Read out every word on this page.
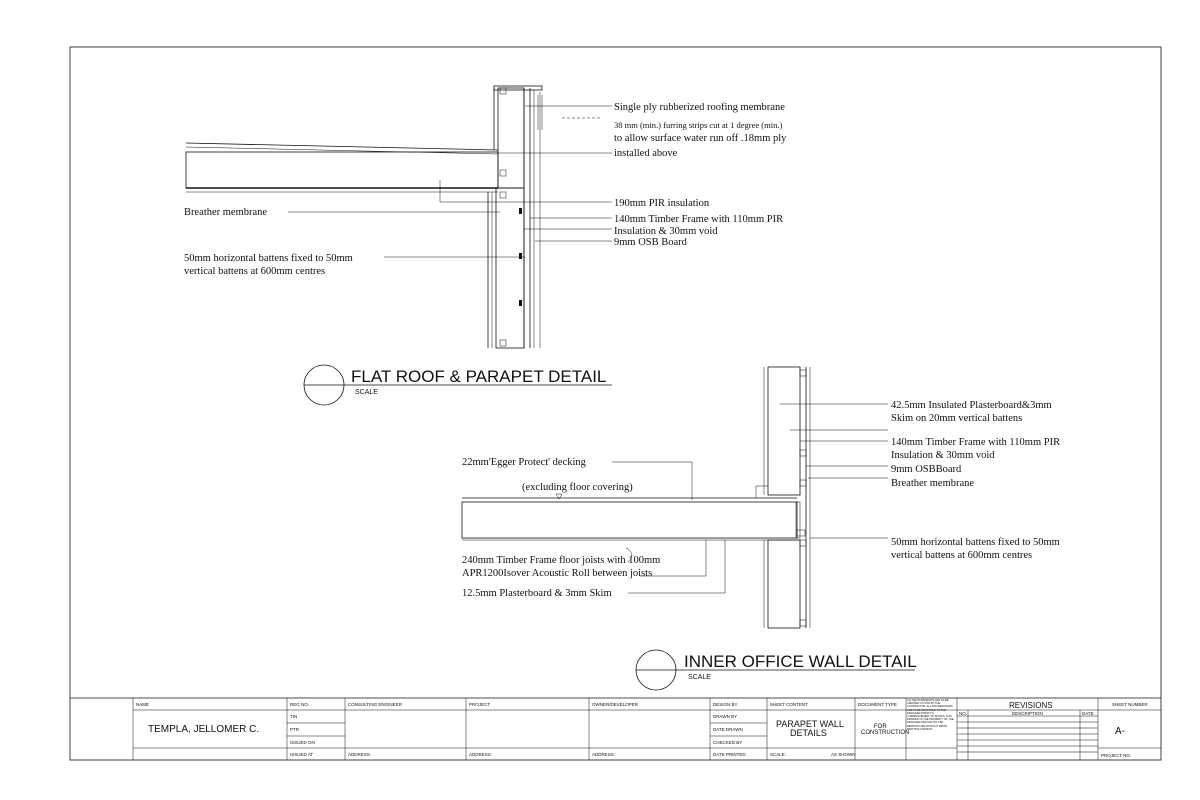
Single ply rubberized roofing membrane
38 mm (min.) furring strips cut at 1 degree (min.)
to allow surface water run off .18mm ply
installed above
190mm PIR insulation
Breather membrane
140mm Timber Frame with 110mm PIR
Insulation & 30mm void
9mm OSB Board
50mm horizontal battens fixed to 50mm
vertical battens at 600mm centres
FLAT ROOF & PARAPET DETAIL
SCALE
42.5mm Insulated Plasterboard&3mm
Skim on 20mm vertical battens
140mm Timber Frame with 110mm PIR
Insulation & 30mm void
9mm OSBBoard
Breather membrane
50mm horizontal battens fixed to 50mm
vertical battens at 600mm centres
22mm'Egger Protect' decking
(excluding floor covering)
240mm Timber Frame floor joists with 100mm
APR1200Isover Acoustic Roll between joists
12.5mm Plasterboard & 3mm Skim
INNER OFFICE WALL DETAIL
SCALE
NAME
TEMPLA, JELLOMER C.
REG NO.
TIN
PTR
ISSUED ON
ISSUED AT
CONSULTING ENGINEER	PROJECT	OWNER/DEVELOPER
ADDRESS:	ADDRESS:	ADDRESS:
DESIGN BY
DRAWN BY
DATE DRAWN
CHECKED BY
DATE PRINTED
SHEET CONTENT
PARAPET WALL
DETAILS
SCALE:	AS SHOWN
DOCUMENT TYPE
FOR
CONSTRUCTION
ALL MEASUREMENTS ARE TO BE VERIFIED ON SITE BY THE CONTRACTOR. ALL DISCREPANCIES ARE TO BE REPORTED TO THE DESIGNER PRIOR TO COMMENCEMENT OF WORKS. THIS DRAWING IS THE PROPERTY OF THE DESIGNER AND MAY NOT BE REPRODUCED WITHOUT PRIOR WRITTEN CONSENT.
REVISIONS
NO.	DESCRIPTION	DATE
SHEET NUMBER
A-
PROJECT NO.
